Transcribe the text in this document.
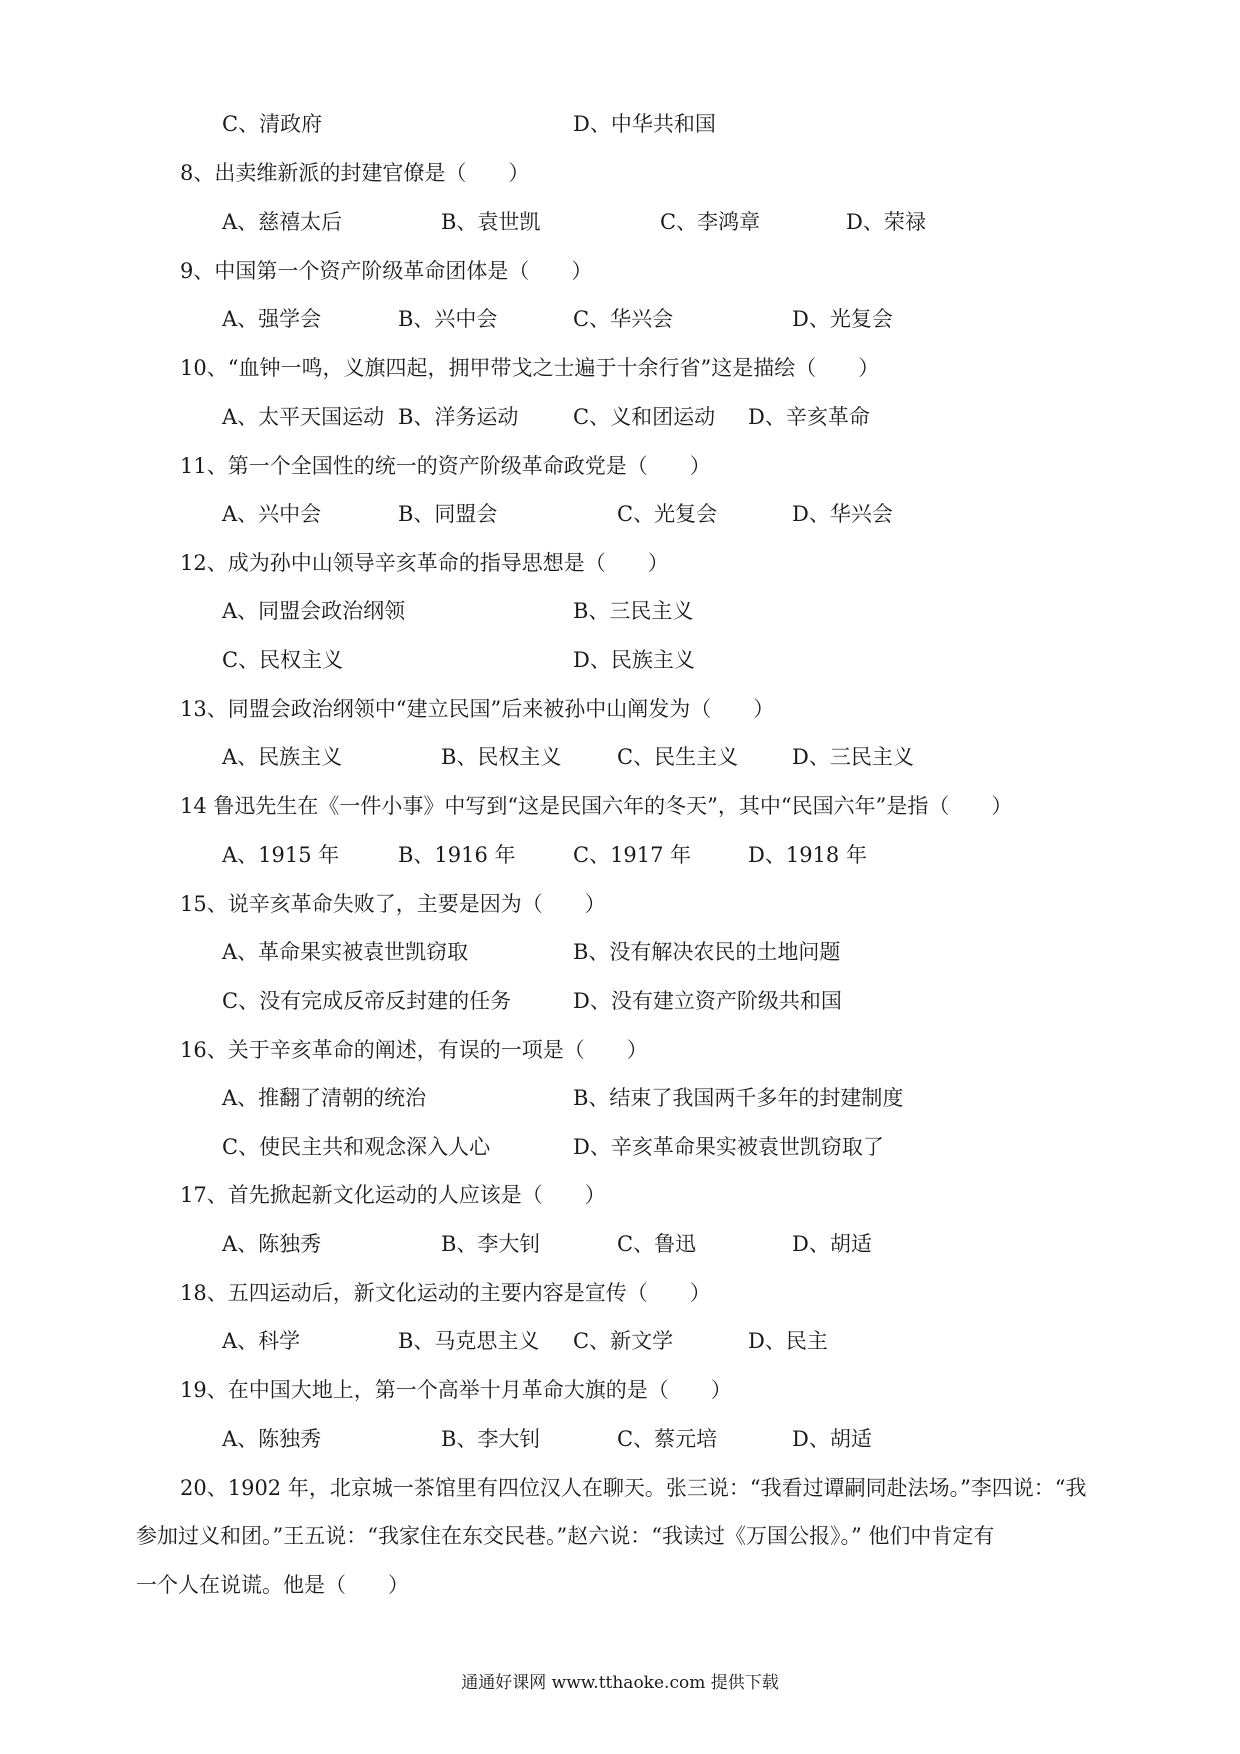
C、清政府	D、中华共和国
8、出卖维新派的封建官僚是（　　）
A、慈禧太后	B、袁世凯	C、李鸿章	D、荣禄
9、中国第一个资产阶级革命团体是（　　）
A、强学会	B、兴中会	C、华兴会	D、光复会
10、“血钟一鸣，义旗四起，拥甲带戈之士遍于十余行省”这是描绘（　　）
A、太平天国运动 B、洋务运动	C、义和团运动 D、辛亥革命
11、第一个全国性的统一的资产阶级革命政党是（　　）
A、兴中会	B、同盟会	C、光复会	D、华兴会
12、成为孙中山领导辛亥革命的指导思想是（　　）
A、同盟会政治纲领	B、三民主义
C、民权主义	D、民族主义
13、同盟会政治纲领中“建立民国”后来被孙中山阐发为（　　）
A、民族主义	B、民权主义	C、民生主义	D、三民主义
14 鲁迅先生在《一件小事》中写到“这是民国六年的冬天”，其中“民国六年”是指（　　）
A、1915 年	B、1916 年	C、1917 年	D、1918 年
15、说辛亥革命失败了，主要是因为（　　）
A、革命果实被袁世凯窃取	B、没有解决农民的土地问题
C、没有完成反帝反封建的任务	D、没有建立资产阶级共和国
16、关于辛亥革命的阐述，有误的一项是（　　）
A、推翻了清朝的统治	B、结束了我国两千多年的封建制度
C、使民主共和观念深入人心	D、辛亥革命果实被袁世凯窃取了
17、首先掀起新文化运动的人应该是（　　）
A、陈独秀	B、李大钊	C、鲁迅	D、胡适
18、五四运动后，新文化运动的主要内容是宣传（　　）
A、科学	B、马克思主义 C、新文学	D、民主
19、在中国大地上，第一个高举十月革命大旗的是（　　）
A、陈独秀	B、李大钊	C、蔡元培	D、胡适
20、1902 年，北京城一茶馆里有四位汉人在聊天。张三说：“我看过谭嗣同赴法场。”李四说：“我
参加过义和团。”王五说：“我家住在东交民巷。”赵六说：“我读过《万国公报》。” 他们中肯定有
一个人在说谎。他是（　　）
通通好课网 www.tthaoke.com 提供下载
